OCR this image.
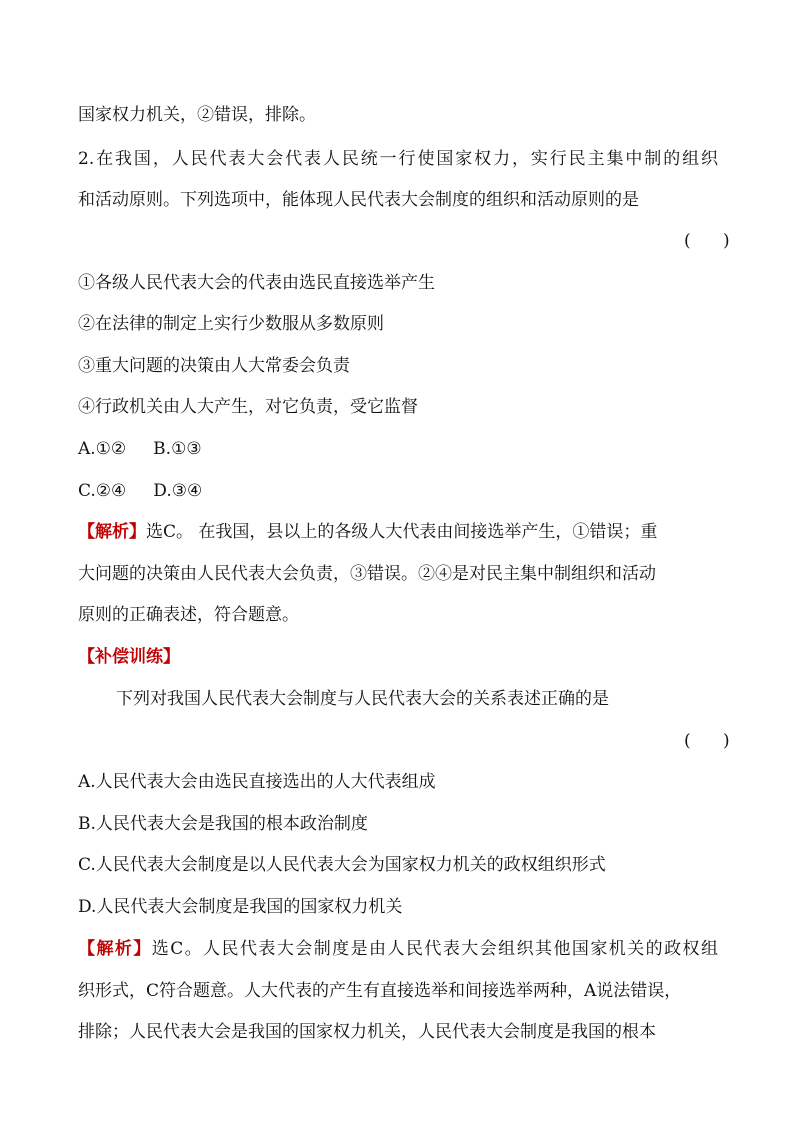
国家权力机关，②错误，排除。
2.在我国，人民代表大会代表人民统一行使国家权力，实行民主集中制的组织
和活动原则。下列选项中，能体现人民代表大会制度的组织和活动原则的是
(      )
①各级人民代表大会的代表由选民直接选举产生
②在法律的制定上实行少数服从多数原则
③重大问题的决策由人大常委会负责
④行政机关由人大产生，对它负责，受它监督
A.①②     B.①③
C.②④     D.③④
【解析】选C。 在我国，县以上的各级人大代表由间接选举产生，①错误；重
大问题的决策由人民代表大会负责，③错误。②④是对民主集中制组织和活动
原则的正确表述，符合题意。
【补偿训练】
下列对我国人民代表大会制度与人民代表大会的关系表述正确的是
(      )
A.人民代表大会由选民直接选出的人大代表组成
B.人民代表大会是我国的根本政治制度
C.人民代表大会制度是以人民代表大会为国家权力机关的政权组织形式
D.人民代表大会制度是我国的国家权力机关
【解析】选C。人民代表大会制度是由人民代表大会组织其他国家机关的政权组
织形式，C符合题意。人大代表的产生有直接选举和间接选举两种，A说法错误，
排除；人民代表大会是我国的国家权力机关，人民代表大会制度是我国的根本
